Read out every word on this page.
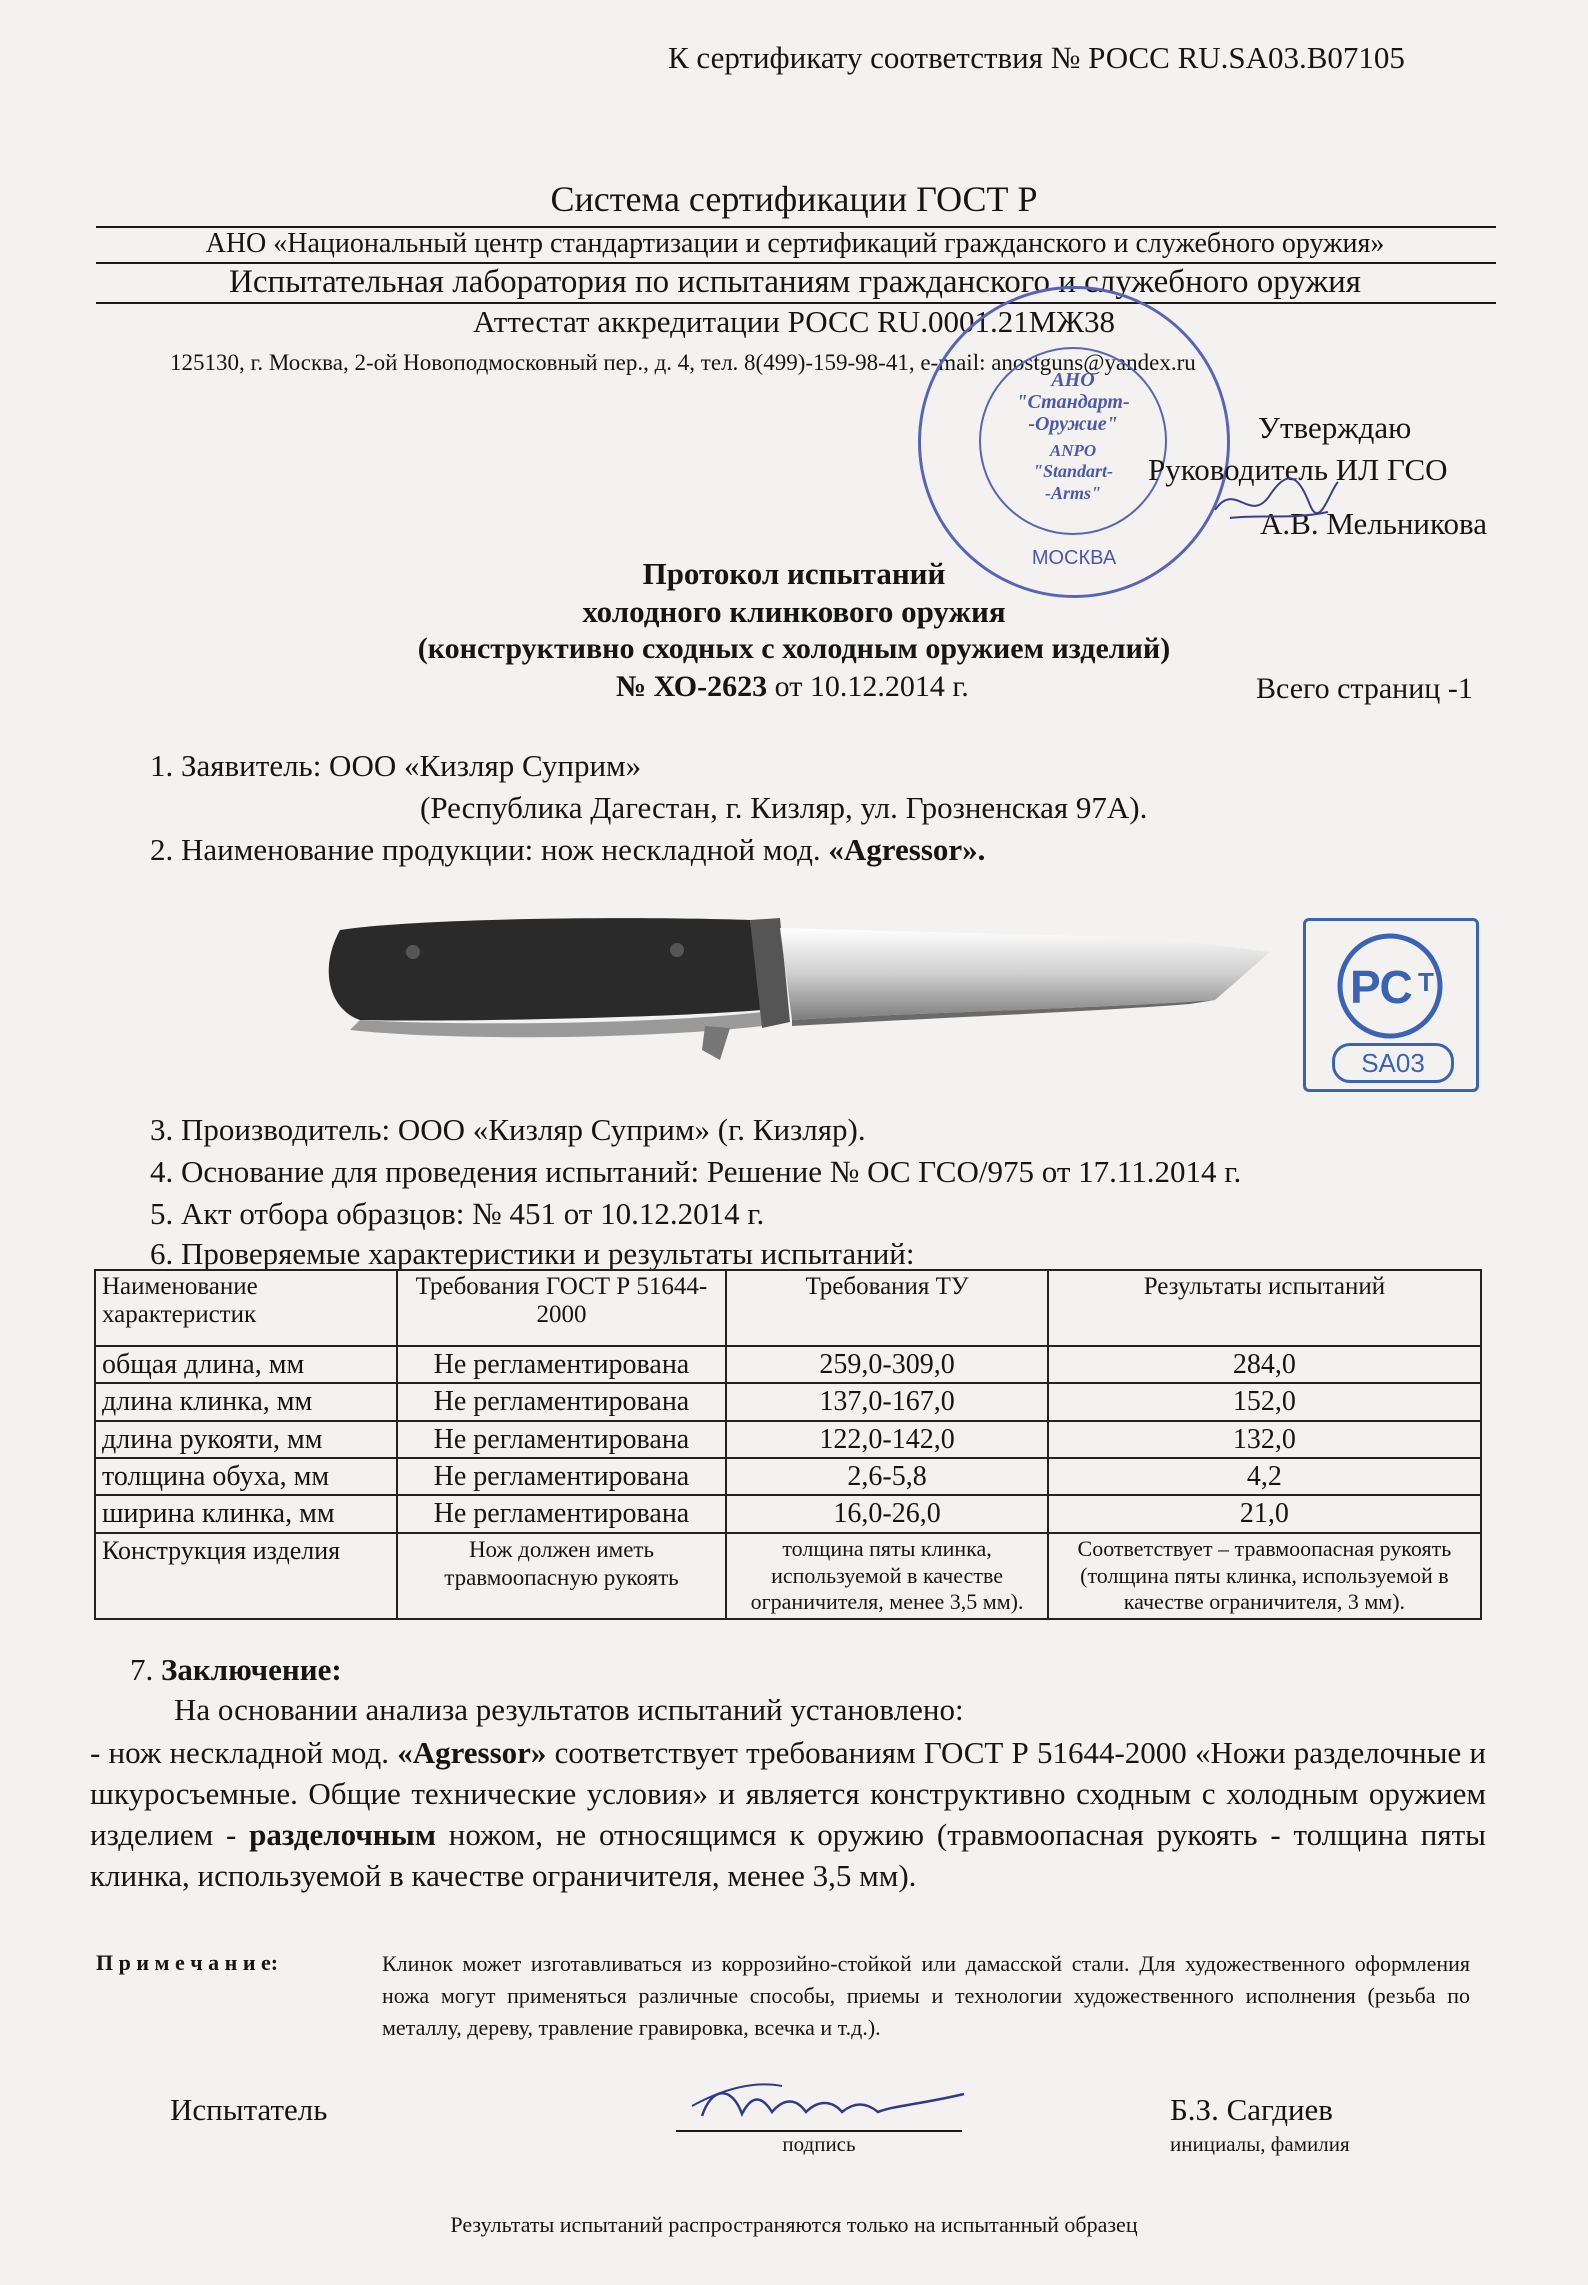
К сертификату соответствия № РОСС RU.SA03.B07105
Система сертификации ГОСТ Р
АНО «Национальный центр стандартизации и сертификаций гражданского и служебного оружия»
Испытательная лаборатория по испытаниям гражданского и служебного оружия
Аттестат аккредитации РОСС RU.0001.21МЖ38
125130, г. Москва, 2-ой Новоподмосковный пер., д. 4, тел. 8(499)-159-98-41, e-mail: anostguns@yandex.ru
АНО
"Стандарт-
-Оружие"
ANPO
"Standart-
-Arms"
МОСКВА
Утверждаю
Руководитель ИЛ ГСО
А.В. Мельникова
Протокол испытаний
холодного клинкового оружия
(конструктивно сходных с холодным оружием изделий)
№ ХО-2623 от 10.12.2014 г.	Всего страниц -1
1. Заявитель: ООО «Кизляр Суприм»
(Республика Дагестан, г. Кизляр, ул. Грозненская 97А).
2. Наименование продукции: нож нескладной мод. «Agressor».
РС Т
SA03
3. Производитель: ООО «Кизляр Суприм» (г. Кизляр).
4. Основание для проведения испытаний: Решение № ОС ГСО/975 от 17.11.2014 г.
5. Акт отбора образцов: № 451 от 10.12.2014 г.
6. Проверяемые характеристики и результаты испытаний:
Наименование характеристик	Требования ГОСТ Р 51644-2000	Требования ТУ	Результаты испытаний
общая длина, мм	Не регламентирована	259,0-309,0	284,0
длина клинка, мм	Не регламентирована	137,0-167,0	152,0
длина рукояти, мм	Не регламентирована	122,0-142,0	132,0
толщина обуха, мм	Не регламентирована	2,6-5,8	4,2
ширина клинка, мм	Не регламентирована	16,0-26,0	21,0
Конструкция изделия	Нож должен иметь травмоопасную рукоять	толщина пяты клинка, используемой в качестве ограничителя, менее 3,5 мм).	Соответствует – травмоопасная рукоять (толщина пяты клинка, используемой в качестве ограничителя, 3 мм).
7. Заключение:
На основании анализа результатов испытаний установлено:
- нож нескладной мод. «Agressor» соответствует требованиям ГОСТ Р 51644-2000 «Ножи разделочные и шкуросъемные. Общие технические условия» и является конструктивно сходным с холодным оружием изделием - разделочным ножом, не относящимся к оружию (травмоопасная рукоять - толщина пяты клинка, используемой в качестве ограничителя, менее 3,5 мм).
П р и м е ч а н и е:	Клинок может изготавливаться из коррозийно-стойкой или дамасской стали. Для художественного оформления ножа могут применяться различные способы, приемы и технологии художественного исполнения (резьба по металлу, дереву, травление гравировка, всечка и т.д.).
Испытатель
подпись
Б.З. Сагдиев
инициалы, фамилия
Результаты испытаний распространяются только на испытанный образец
